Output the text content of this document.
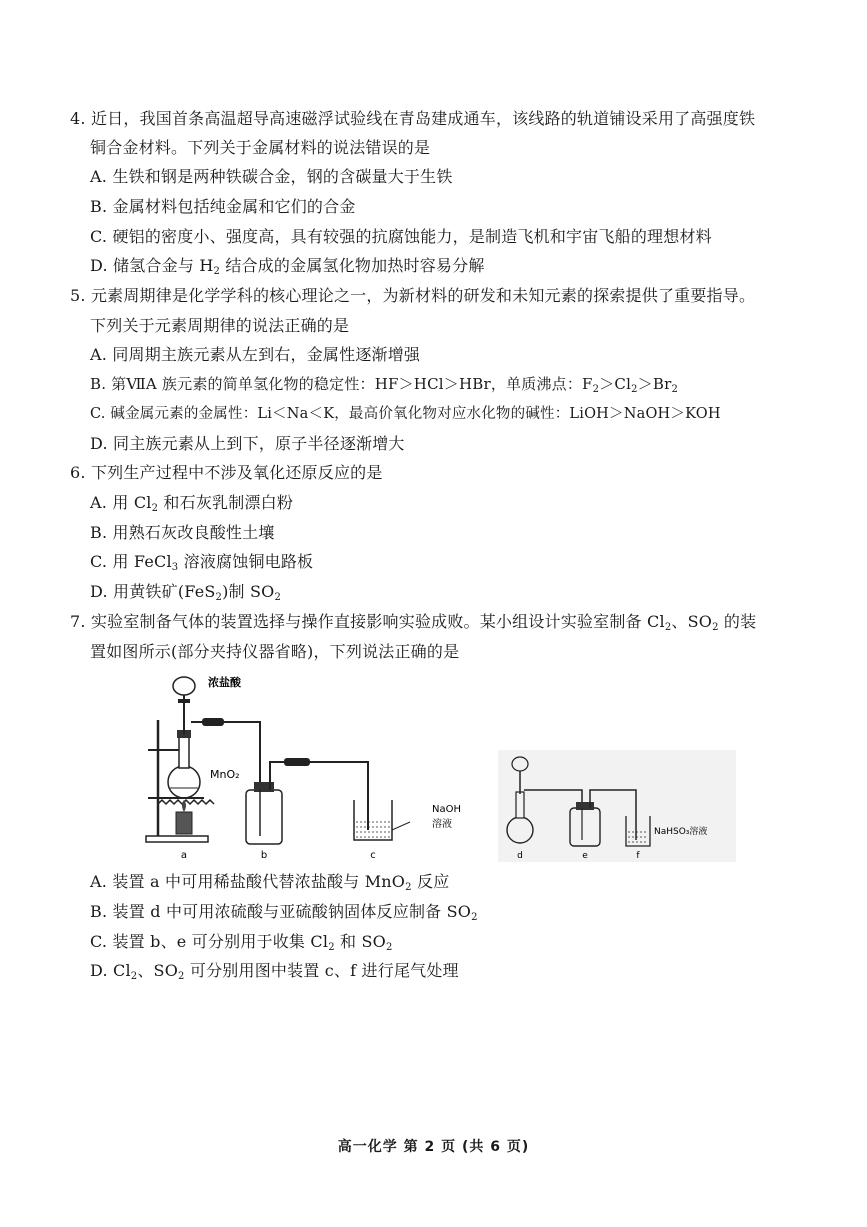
4. 近日，我国首条高温超导高速磁浮试验线在青岛建成通车，该线路的轨道铺设采用了高强度铁
铜合金材料。下列关于金属材料的说法错误的是
A. 生铁和钢是两种铁碳合金，钢的含碳量大于生铁
B. 金属材料包括纯金属和它们的合金
C. 硬铝的密度小、强度高，具有较强的抗腐蚀能力，是制造飞机和宇宙飞船的理想材料
D. 储氢合金与 $H_2$ 结合成的金属氢化物加热时容易分解
5. 元素周期律是化学学科的核心理论之一，为新材料的研发和未知元素的探索提供了重要指导。
下列关于元素周期律的说法正确的是
A. 同周期主族元素从左到右，金属性逐渐增强
B. 第ⅦA 族元素的简单氢化物的稳定性：HF＞HCl＞HBr，单质沸点：$F_2>Cl_2>Br_2$
C. 碱金属元素的金属性：Li＜Na＜K，最高价氧化物对应水化物的碱性：LiOH＞NaOH＞KOH
D. 同主族元素从上到下，原子半径逐渐增大
6. 下列生产过程中不涉及氧化还原反应的是
A. 用 $Cl_2$ 和石灰乳制漂白粉
B. 用熟石灰改良酸性土壤
C. 用 FeCl$_3$ 溶液腐蚀铜电路板
D. 用黄铁矿(FeS$_2$)制 $SO_2$
7. 实验室制备气体的装置选择与操作直接影响实验成败。某小组设计实验室制备 $Cl_2$、$SO_2$ 的装
置如图所示(部分夹持仪器省略)，下列说法正确的是
浓盐酸
MnO₂
NaOH
溶液
a	b	c
NaHSO₃溶液
d	e	f
A. 装置 a 中可用稀盐酸代替浓盐酸与 MnO$_2$ 反应
B. 装置 d 中可用浓硫酸与亚硫酸钠固体反应制备 $SO_2$
C. 装置 b、e 可分别用于收集 $Cl_2$ 和 $SO_2$
D. $Cl_2$、$SO_2$ 可分别用图中装置 c、f 进行尾气处理
高一化学 第 2 页 (共 6 页)
